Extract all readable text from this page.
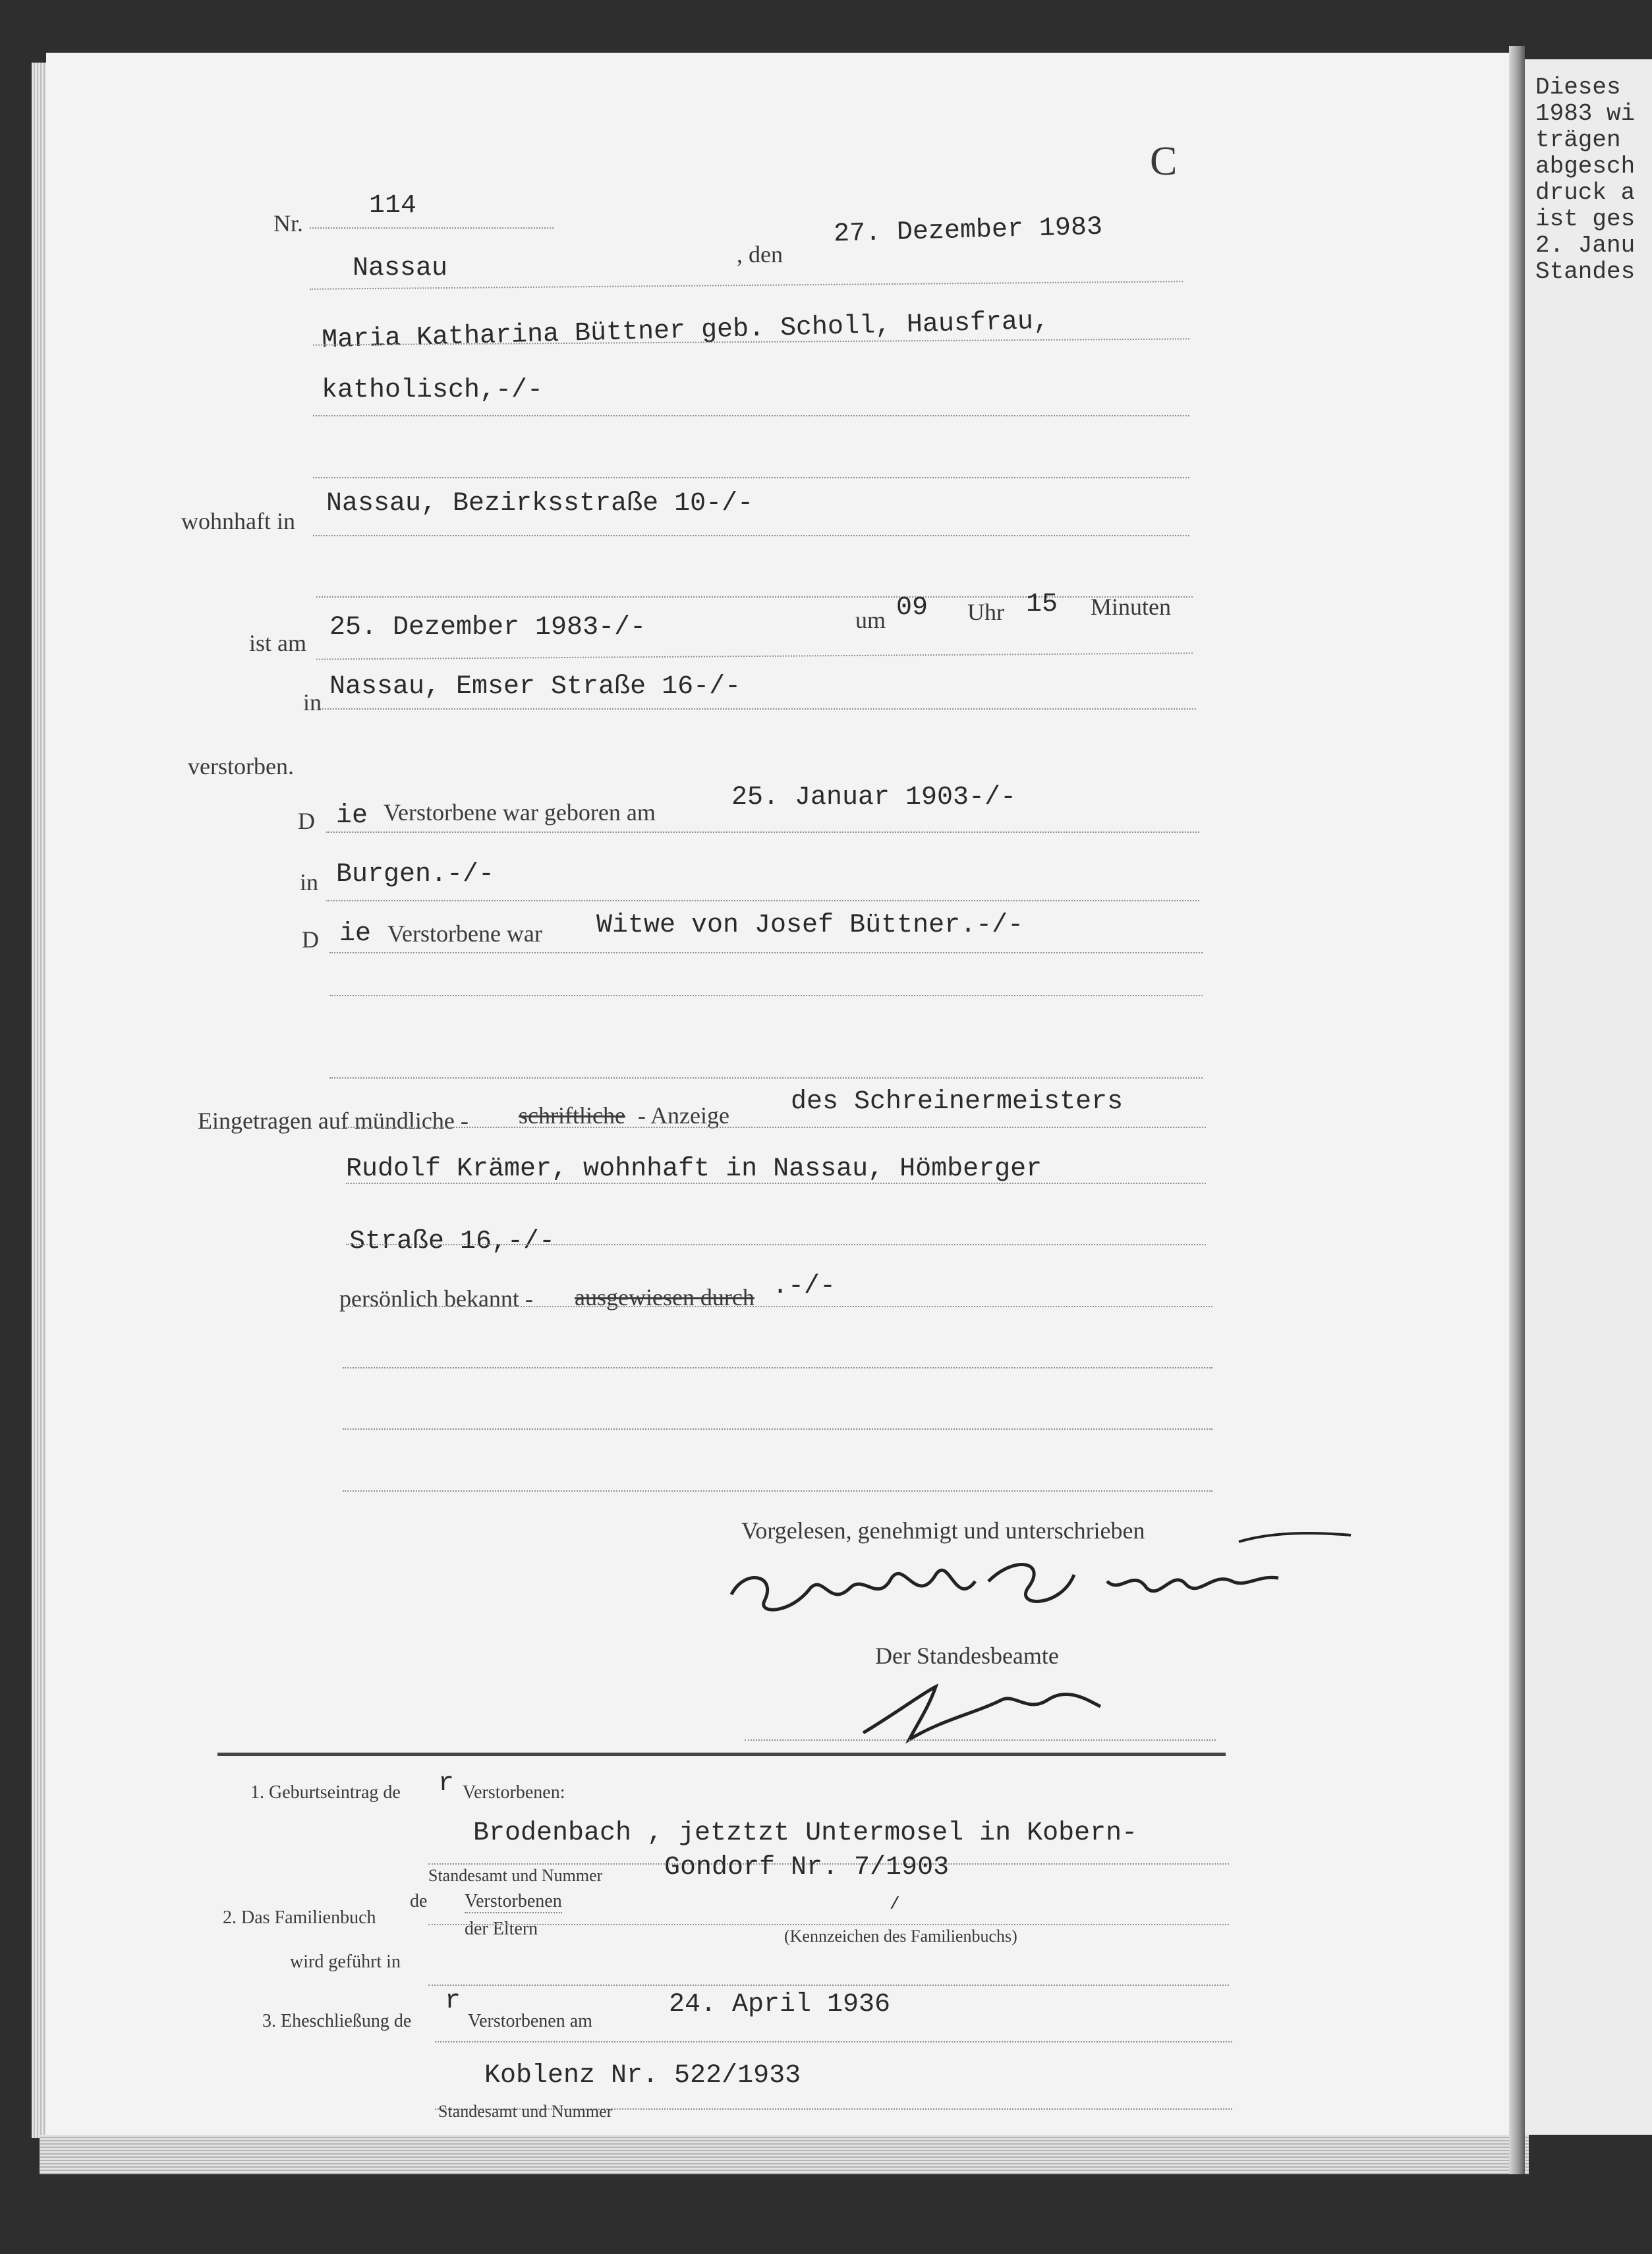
Dieses
1983 wi
trägen
abgesch
druck a
ist ges
2. Janu
Standes
C
Nr.
114
Nassau	, den
27. Dezember 1983
Maria Katharina Büttner geb. Scholl, Hausfrau,
katholisch,-/-
wohnhaft in
Nassau, Bezirksstraße 10-/-
ist am
25. Dezember 1983-/-	um 09 Uhr 15 Minuten
in
Nassau, Emser Straße 16-/-
verstorben.
D ie Verstorbene war geboren am	25. Januar 1903-/-
in Burgen.-/-
D ie Verstorbene war Witwe von Josef Büttner.-/-
Eingetragen auf mündliche - schriftliche - Anzeige des Schreinermeisters
Rudolf Krämer, wohnhaft in Nassau, Hömberger
Straße 16,-/-
persönlich bekannt - ausgewiesen durch .-/-
Vorgelesen, genehmigt und unterschrieben
Der Standesbeamte
1. Geburtseintrag de r Verstorbenen:
Brodenbach , jetztzt Untermosel in Kobern-
Standesamt und Nummer Gondorf Nr. 7/1903
2. Das Familienbuch
de Verstorbenen
der Eltern
/
(Kennzeichen des Familienbuchs)
wird geführt in
3. Eheschließung de
r
Verstorbenen am
24. April 1936
Koblenz Nr. 522/1933
Standesamt und Nummer
